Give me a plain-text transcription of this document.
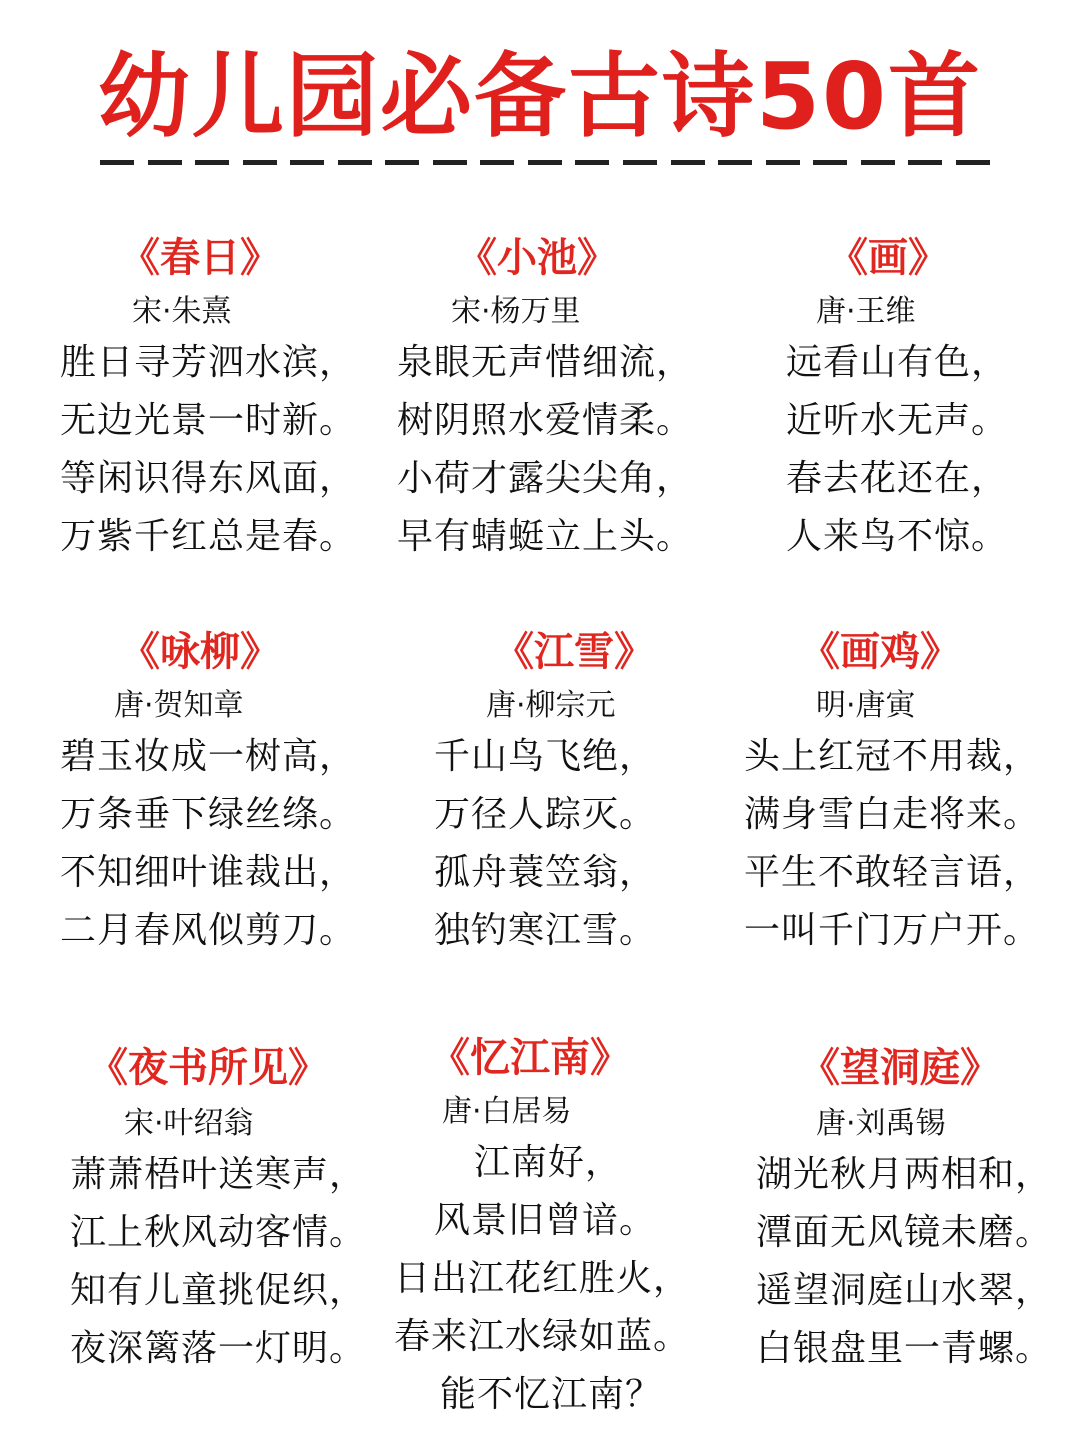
幼儿园必备古诗50首
《春日》
宋·朱熹
胜日寻芳泗水滨，
无边光景一时新。
等闲识得东风面，
万紫千红总是春。
《小池》
宋·杨万里
泉眼无声惜细流，
树阴照水爱情柔。
小荷才露尖尖角，
早有蜻蜓立上头。
《画》
唐·王维
远看山有色，
近听水无声。
春去花还在，
人来鸟不惊。
《咏柳》
唐·贺知章
碧玉妆成一树高，
万条垂下绿丝绦。
不知细叶谁裁出，
二月春风似剪刀。
《江雪》
唐·柳宗元
千山鸟飞绝，
万径人踪灭。
孤舟蓑笠翁，
独钓寒江雪。
《画鸡》
明·唐寅
头上红冠不用裁，
满身雪白走将来。
平生不敢轻言语，
一叫千门万户开。
《夜书所见》
宋·叶绍翁
萧萧梧叶送寒声，
江上秋风动客情。
知有儿童挑促织，
夜深篱落一灯明。
《忆江南》
唐·白居易
江南好，
风景旧曾谙。
日出江花红胜火，
春来江水绿如蓝。
能不忆江南？
《望洞庭》
唐·刘禹锡
湖光秋月两相和，
潭面无风镜未磨。
遥望洞庭山水翠，
白银盘里一青螺。
